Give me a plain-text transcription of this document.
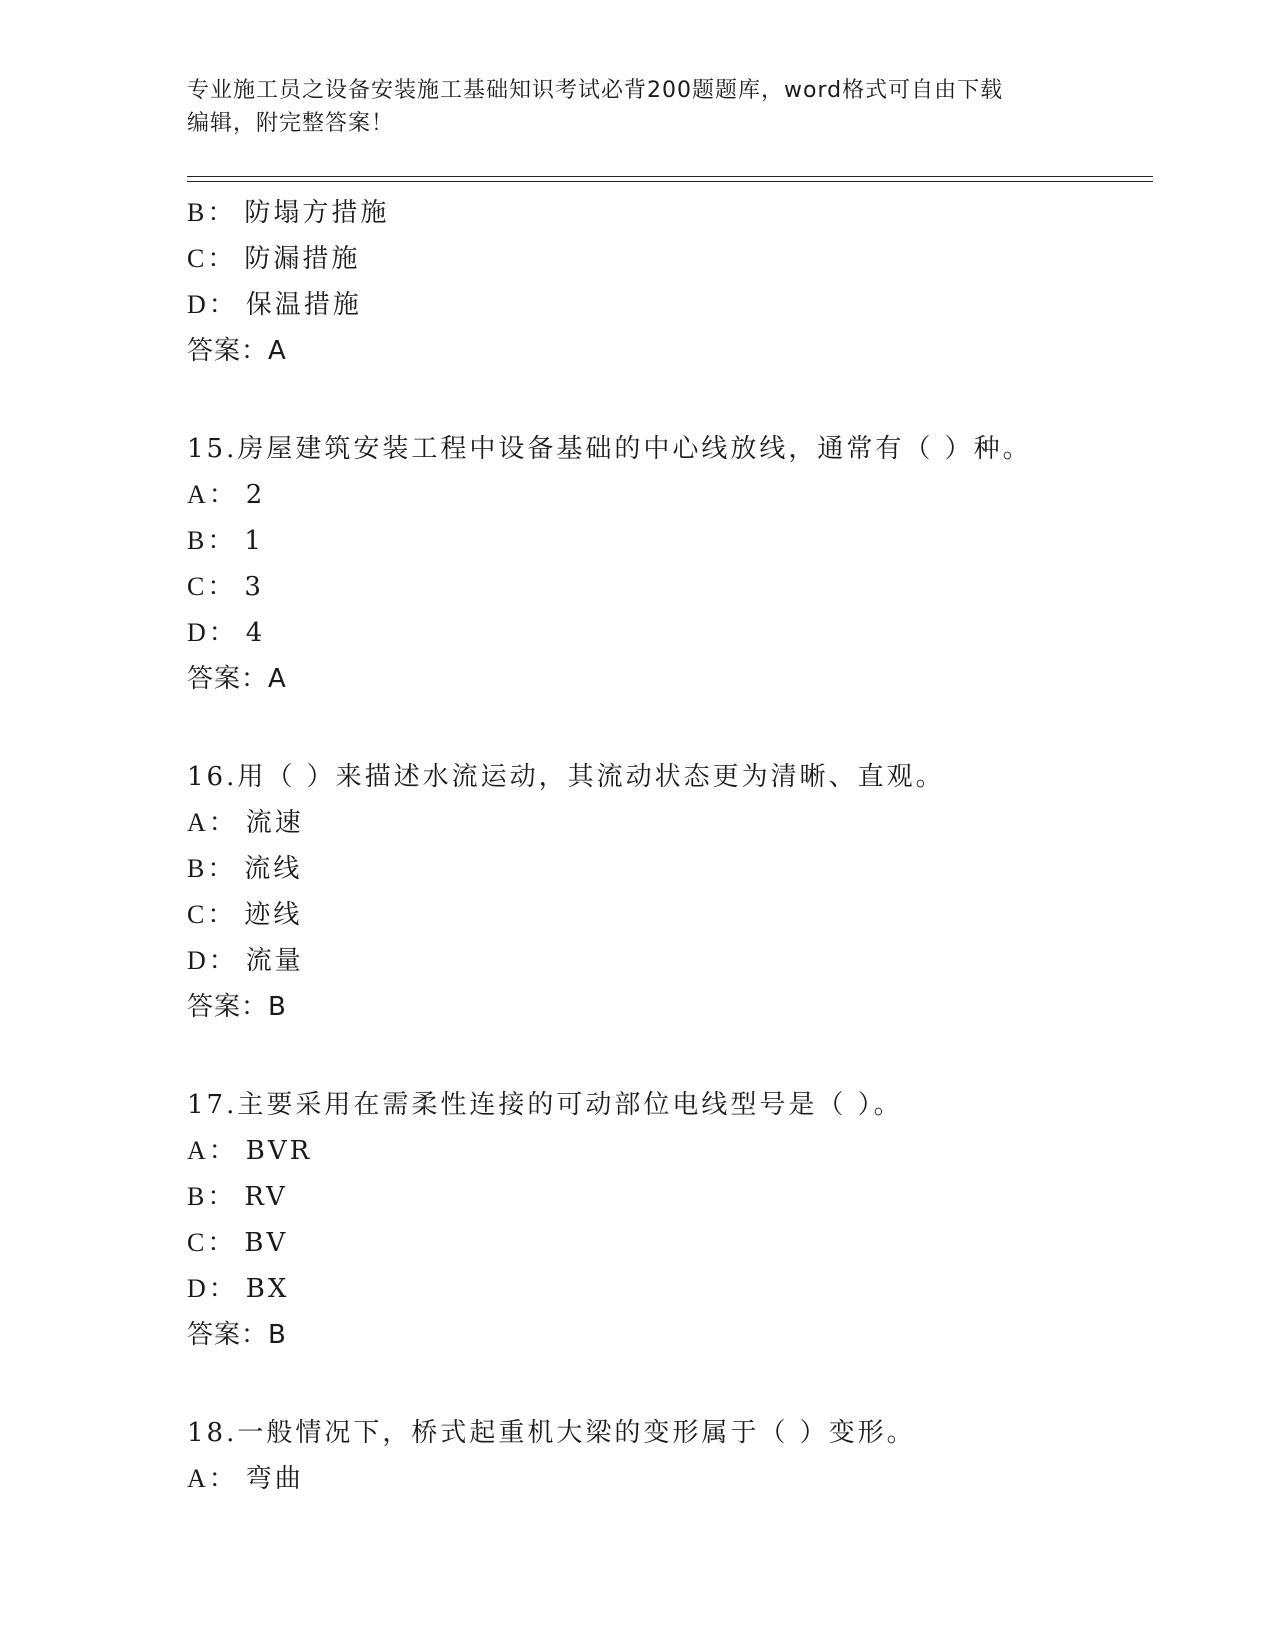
专业施工员之设备安装施工基础知识考试必背200题题库，word格式可自由下载
编辑，附完整答案！
B： 防塌方措施
C： 防漏措施
D： 保温措施
答案：A
15.房屋建筑安装工程中设备基础的中心线放线，通常有（ ）种。
A： 2
B： 1
C： 3
D： 4
答案：A
16.用（ ）来描述水流运动，其流动状态更为清晰、直观。
A： 流速
B： 流线
C： 迹线
D： 流量
答案：B
17.主要采用在需柔性连接的可动部位电线型号是（ ）。
A： BVR
B： RV
C： BV
D： BX
答案：B
18.一般情况下，桥式起重机大梁的变形属于（ ）变形。
A： 弯曲
